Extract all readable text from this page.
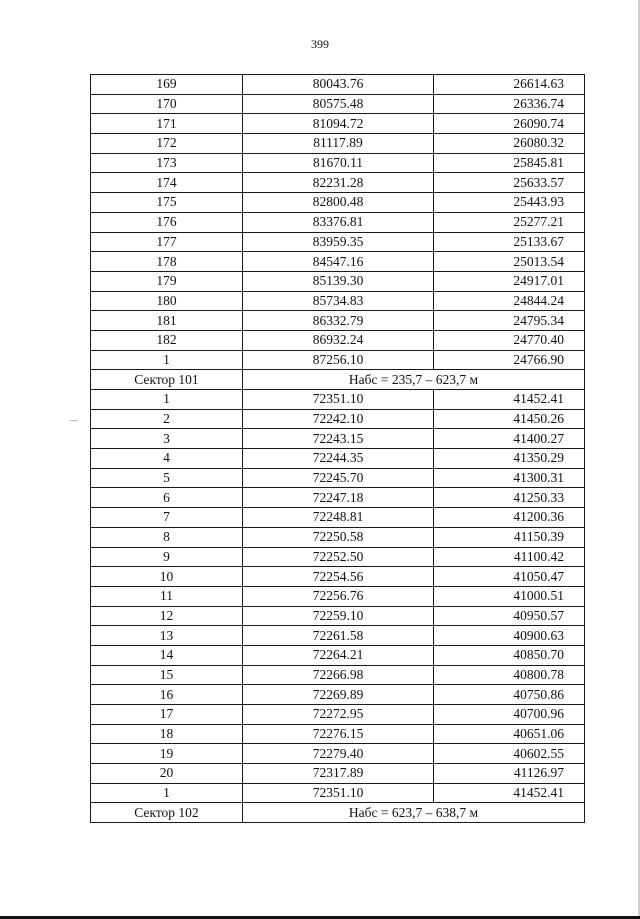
399
169	80043.76	26614.63
170	80575.48	26336.74
171	81094.72	26090.74
172	81117.89	26080.32
173	81670.11	25845.81
174	82231.28	25633.57
175	82800.48	25443.93
176	83376.81	25277.21
177	83959.35	25133.67
178	84547.16	25013.54
179	85139.30	24917.01
180	85734.83	24844.24
181	86332.79	24795.34
182	86932.24	24770.40
1	87256.10	24766.90
Сектор 101	Набс = 235,7 – 623,7 м	
1	72351.10	41452.41
2	72242.10	41450.26
3	72243.15	41400.27
4	72244.35	41350.29
5	72245.70	41300.31
6	72247.18	41250.33
7	72248.81	41200.36
8	72250.58	41150.39
9	72252.50	41100.42
10	72254.56	41050.47
11	72256.76	41000.51
12	72259.10	40950.57
13	72261.58	40900.63
14	72264.21	40850.70
15	72266.98	40800.78
16	72269.89	40750.86
17	72272.95	40700.96
18	72276.15	40651.06
19	72279.40	40602.55
20	72317.89	41126.97
1	72351.10	41452.41
Сектор 102	Набс = 623,7 – 638,7 м	
